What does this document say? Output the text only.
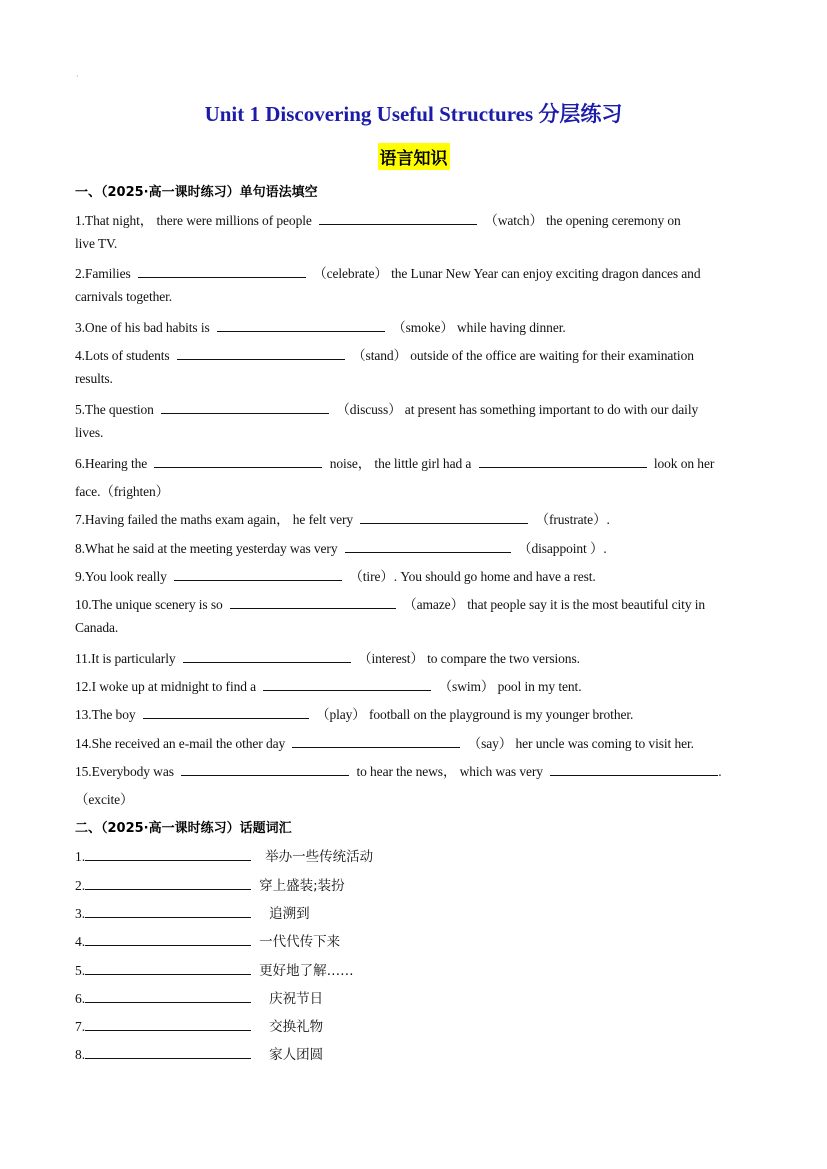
·
Unit 1 Discovering Useful Structures 分层练习
语言知识
一、（2025·高一课时练习）单句语法填空
1.That night， there were millions of people	（watch） the opening ceremony on
live TV.
2.Families	（celebrate） the Lunar New Year can enjoy exciting dragon dances and
carnivals together.
3.One of his bad habits is	（smoke） while having dinner.
4.Lots of students	（stand） outside of the office are waiting for their examination
results.
5.The question	（discuss） at present has something important to do with our daily
lives.
6.Hearing the	noise， the little girl had a	look on her
face.（frighten）
7.Having failed the maths exam again， he felt very	（frustrate）.
8.What he said at the meeting yesterday was very	（disappoint ）.
9.You look really	（tire）. You should go home and have a rest.
10.The unique scenery is so	（amaze） that people say it is the most beautiful city in
Canada.
11.It is particularly	（interest） to compare the two versions.
12.I woke up at midnight to find a	（swim） pool in my tent.
13.The boy	（play） football on the playground is my younger brother.
14.She received an e-mail the other day	（say） her uncle was coming to visit her.
15.Everybody was	to hear the news， which was very	.
（excite）
二、（2025·高一课时练习）话题词汇
1.	举办一些传统活动
2.	穿上盛装;装扮
3.	追溯到
4.	一代代传下来
5.	更好地了解……
6.	庆祝节日
7.	交换礼物
8.	家人团圆
